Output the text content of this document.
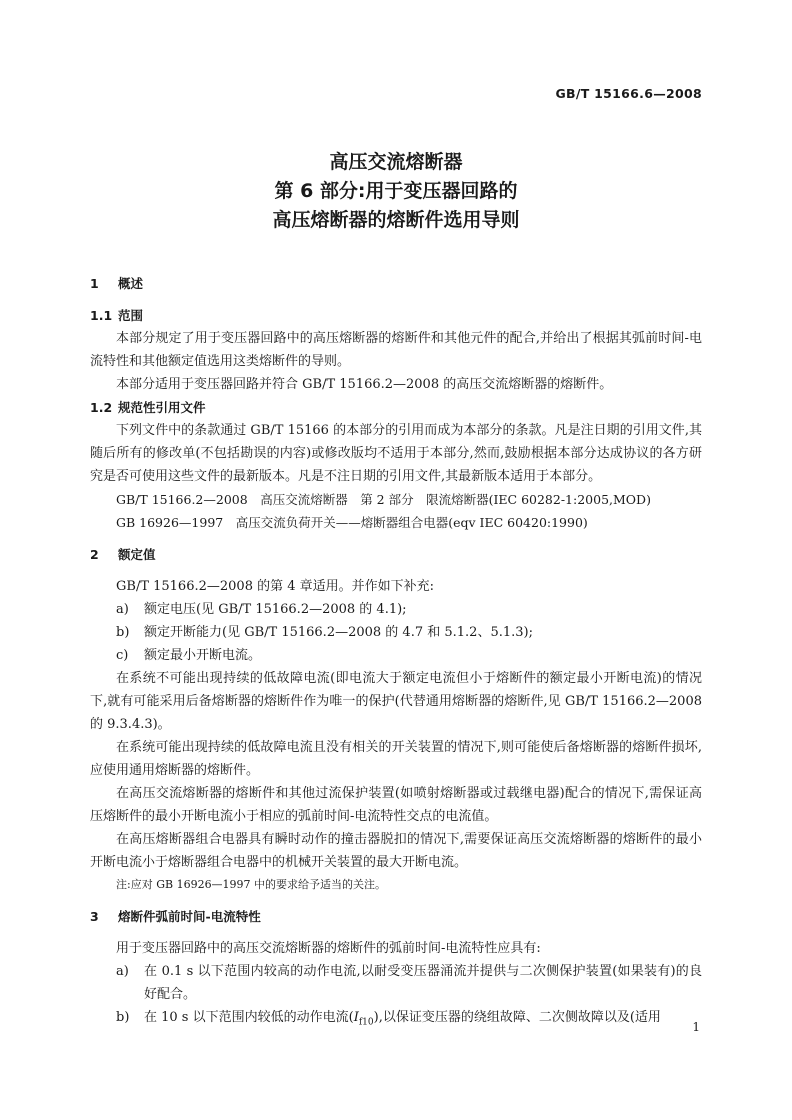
GB/T 15166.6—2008
高压交流熔断器
第 6 部分:用于变压器回路的
高压熔断器的熔断件选用导则
1 概述
1.1 范围

本部分规定了用于变压器回路中的高压熔断器的熔断件和其他元件的配合,并给出了根据其弧前时间-电流特性和其他额定值选用这类熔断件的导则。

本部分适用于变压器回路并符合 GB/T 15166.2—2008 的高压交流熔断器的熔断件。

1.2 规范性引用文件

下列文件中的条款通过 GB/T 15166 的本部分的引用而成为本部分的条款。凡是注日期的引用文件,其随后所有的修改单(不包括勘误的内容)或修改版均不适用于本部分,然而,鼓励根据本部分达成协议的各方研究是否可使用这些文件的最新版本。凡是不注日期的引用文件,其最新版本适用于本部分。

GB/T 15166.2—2008　高压交流熔断器　第 2 部分　限流熔断器(IEC 60282-1:2005,MOD)

GB 16926—1997　高压交流负荷开关——熔断器组合电器(eqv IEC 60420:1990)

2 额定值

GB/T 15166.2—2008 的第 4 章适用。并作如下补充:

a) 额定电压(见 GB/T 15166.2—2008 的 4.1);

b) 额定开断能力(见 GB/T 15166.2—2008 的 4.7 和 5.1.2、5.1.3);

c) 额定最小开断电流。

在系统不可能出现持续的低故障电流(即电流大于额定电流但小于熔断件的额定最小开断电流)的情况下,就有可能采用后备熔断器的熔断件作为唯一的保护(代替通用熔断器的熔断件,见 GB/T 15166.2—2008 的 9.3.4.3)。

在系统可能出现持续的低故障电流且没有相关的开关装置的情况下,则可能使后备熔断器的熔断件损坏,应使用通用熔断器的熔断件。

在高压交流熔断器的熔断件和其他过流保护装置(如喷射熔断器或过载继电器)配合的情况下,需保证高压熔断件的最小开断电流小于相应的弧前时间-电流特性交点的电流值。

在高压熔断器组合电器具有瞬时动作的撞击器脱扣的情况下,需要保证高压交流熔断器的熔断件的最小开断电流小于熔断器组合电器中的机械开关装置的最大开断电流。

注:应对 GB 16926—1997 中的要求给予适当的关注。

3 熔断件弧前时间-电流特性

用于变压器回路中的高压交流熔断器的熔断件的弧前时间-电流特性应具有:

a) 在 0.1 s 以下范围内较高的动作电流,以耐受变压器涌流并提供与二次侧保护装置(如果装有)的良好配合。

b) 在 10 s 以下范围内较低的动作电流$(I_{f10})$,以保证变压器的绕组故障、二次侧故障以及(适用

1
